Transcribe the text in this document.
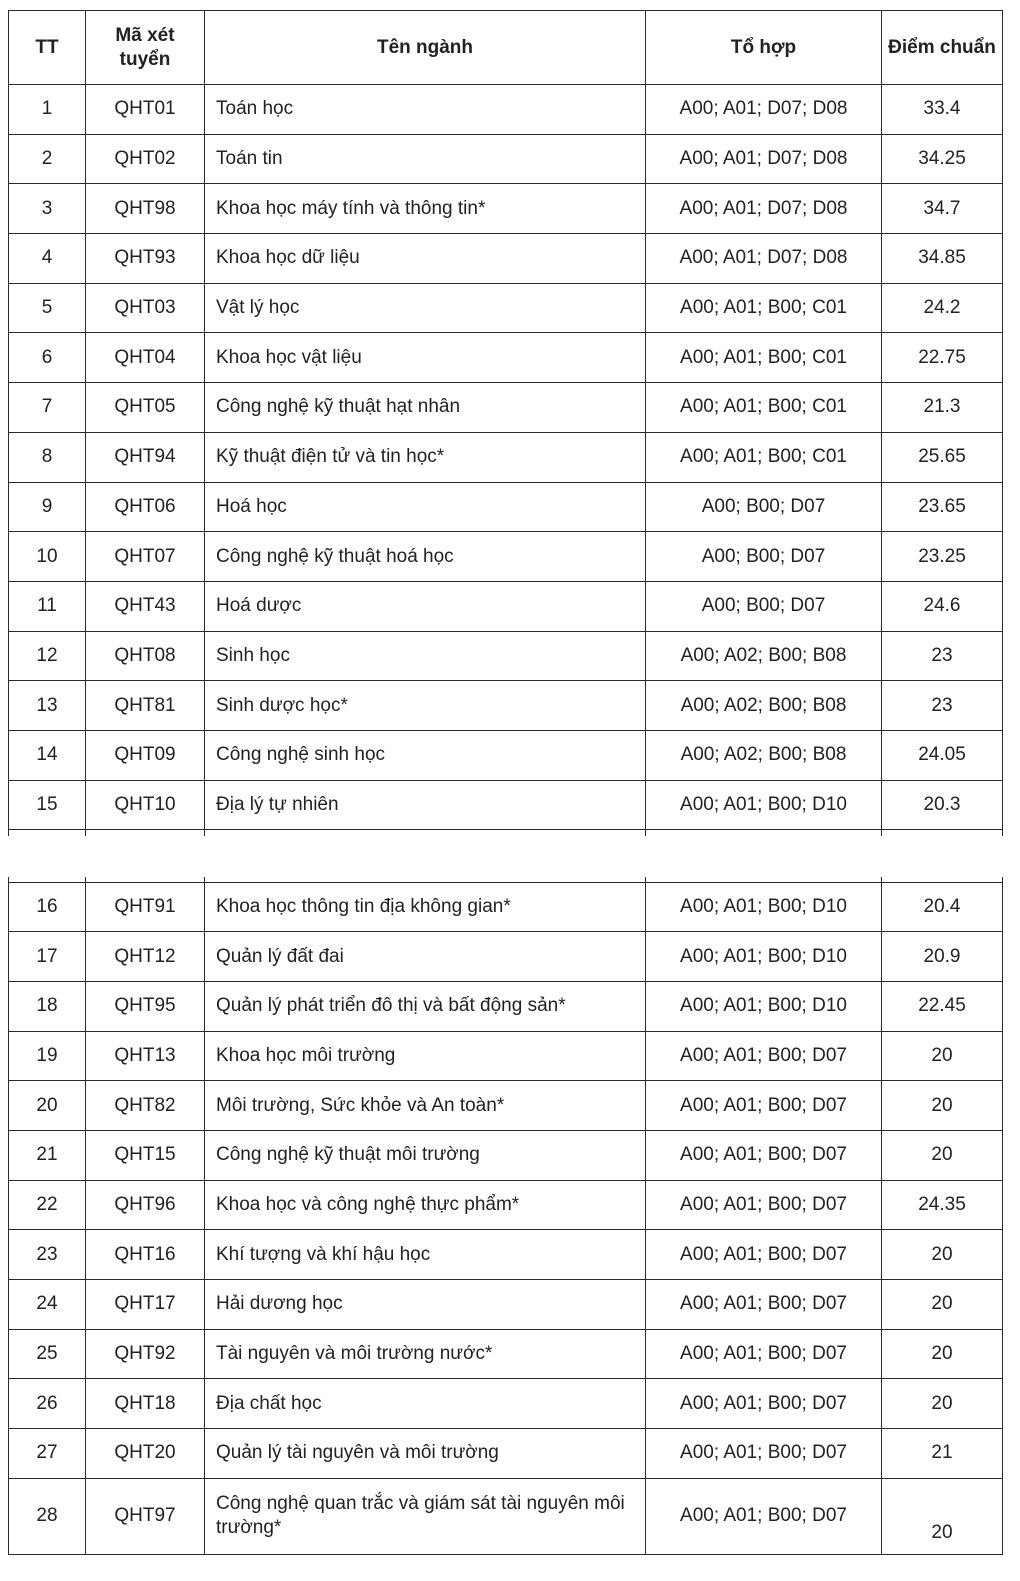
TT	Mã xét tuyển	Tên ngành	Tổ hợp	Điểm chuẩn
1	QHT01	Toán học	A00; A01; D07; D08	33.4
2	QHT02	Toán tin	A00; A01; D07; D08	34.25
3	QHT98	Khoa học máy tính và thông tin*	A00; A01; D07; D08	34.7
4	QHT93	Khoa học dữ liệu	A00; A01; D07; D08	34.85
5	QHT03	Vật lý học	A00; A01; B00; C01	24.2
6	QHT04	Khoa học vật liệu	A00; A01; B00; C01	22.75
7	QHT05	Công nghệ kỹ thuật hạt nhân	A00; A01; B00; C01	21.3
8	QHT94	Kỹ thuật điện tử và tin học*	A00; A01; B00; C01	25.65
9	QHT06	Hoá học	A00; B00; D07	23.65
10	QHT07	Công nghệ kỹ thuật hoá học	A00; B00; D07	23.25
11	QHT43	Hoá dược	A00; B00; D07	24.6
12	QHT08	Sinh học	A00; A02; B00; B08	23
13	QHT81	Sinh dược học*	A00; A02; B00; B08	23
14	QHT09	Công nghệ sinh học	A00; A02; B00; B08	24.05
15	QHT10	Địa lý tự nhiên	A00; A01; B00; D10	20.3

16	QHT91	Khoa học thông tin địa không gian*	A00; A01; B00; D10	20.4
17	QHT12	Quản lý đất đai	A00; A01; B00; D10	20.9
18	QHT95	Quản lý phát triển đô thị và bất động sản*	A00; A01; B00; D10	22.45
19	QHT13	Khoa học môi trường	A00; A01; B00; D07	20
20	QHT82	Môi trường, Sức khỏe và An toàn*	A00; A01; B00; D07	20
21	QHT15	Công nghệ kỹ thuật môi trường	A00; A01; B00; D07	20
22	QHT96	Khoa học và công nghệ thực phẩm*	A00; A01; B00; D07	24.35
23	QHT16	Khí tượng và khí hậu học	A00; A01; B00; D07	20
24	QHT17	Hải dương học	A00; A01; B00; D07	20
25	QHT92	Tài nguyên và môi trường nước*	A00; A01; B00; D07	20
26	QHT18	Địa chất học	A00; A01; B00; D07	20
27	QHT20	Quản lý tài nguyên và môi trường	A00; A01; B00; D07	21
28	QHT97	Công nghệ quan trắc và giám sát tài nguyên môi trường*	A00; A01; B00; D07	20
